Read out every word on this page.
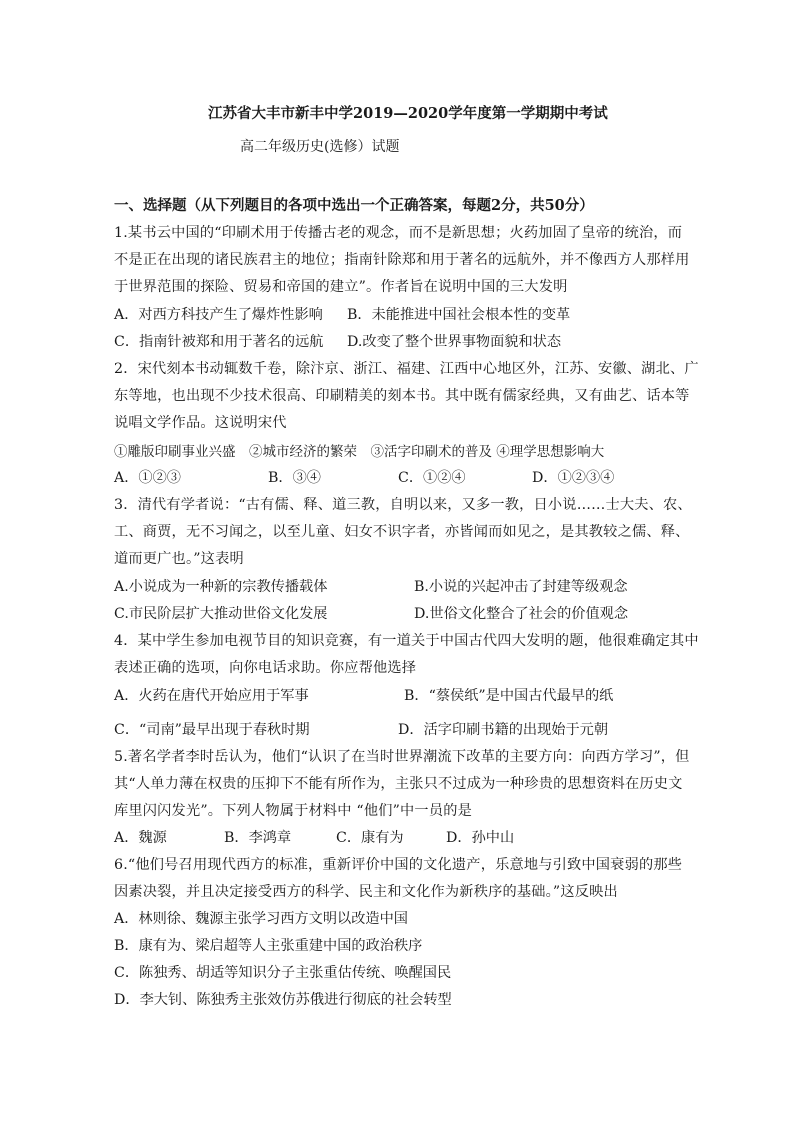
江苏省大丰市新丰中学2019—2020学年度第一学期期中考试
高二年级历史(选修）试题
一、选择题（从下列题目的各项中选出一个正确答案，每题2分，共50分）
1.某书云中国的“印刷术用于传播古老的观念，而不是新思想；火药加固了皇帝的统治，而
不是正在出现的诸民族君主的地位；指南针除郑和用于著名的远航外，并不像西方人那样用
于世界范围的探险、贸易和帝国的建立”。作者旨在说明中国的三大发明
A．对西方科技产生了爆炸性影响 B．未能推进中国社会根本性的变革
C．指南针被郑和用于著名的远航 D.改变了整个世界事物面貌和状态
2．宋代刻本书动辄数千卷，除汴京、浙江、福建、江西中心地区外，江苏、安徽、湖北、广
东等地，也出现不少技术很高、印刷精美的刻本书。其中既有儒家经典，又有曲艺、话本等
说唱文学作品。这说明宋代
①雕版印刷事业兴盛　②城市经济的繁荣　③活字印刷术的普及 ④理学思想影响大
A．①②③	B．③④	C．①②④	D．①②③④
3．清代有学者说：“古有儒、释、道三教，自明以来，又多一教，日小说……士大夫、农、
工、商贾，无不习闻之，以至儿童、妇女不识字者，亦皆闻而如见之，是其教较之儒、释、
道而更广也。”这表明
A.小说成为一种新的宗教传播载体	B.小说的兴起冲击了封建等级观念
C.市民阶层扩大推动世俗文化发展	D.世俗文化整合了社会的价值观念
4．某中学生参加电视节目的知识竞赛，有一道关于中国古代四大发明的题，他很难确定其中
表述正确的选项，向你电话求助。你应帮他选择
A．火药在唐代开始应用于军事	B．“蔡侯纸”是中国古代最早的纸
C．“司南”最早出现于春秋时期	D．活字印刷书籍的出现始于元朝
5.著名学者李时岳认为，他们“认识了在当时世界潮流下改革的主要方向：向西方学习”，但
其“人单力薄在权贵的压抑下不能有所作为，主张只不过成为一种珍贵的思想资料在历史文
库里闪闪发光”。下列人物属于材料中 “他们”中一员的是
A．魏源	B．李鸿章	C．康有为	D．孙中山
6.“他们号召用现代西方的标准，重新评价中国的文化遗产，乐意地与引致中国衰弱的那些
因素决裂，并且决定接受西方的科学、民主和文化作为新秩序的基础。”这反映出
A．林则徐、魏源主张学习西方文明以改造中国
B．康有为、梁启超等人主张重建中国的政治秩序
C．陈独秀、胡适等知识分子主张重估传统、唤醒国民
D．李大钊、陈独秀主张效仿苏俄进行彻底的社会转型
